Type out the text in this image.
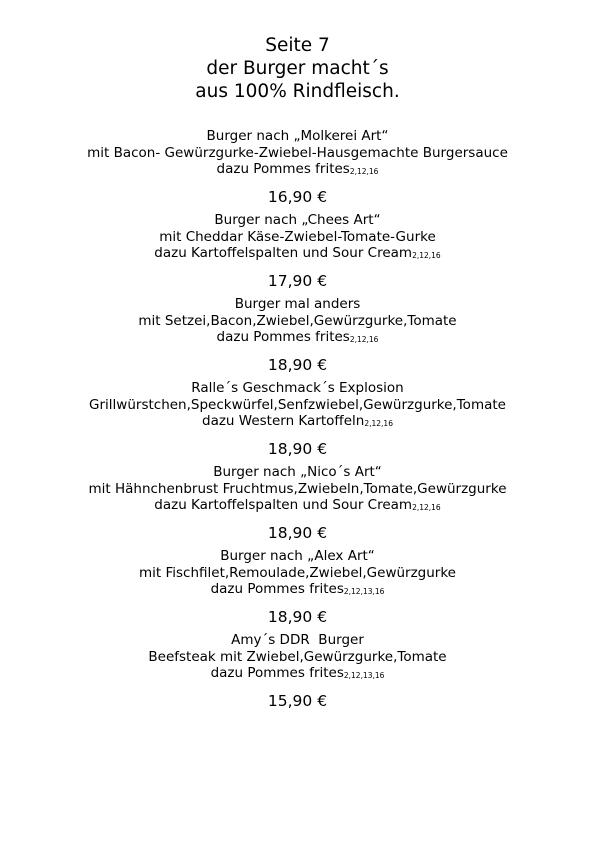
Seite 7
der Burger macht´s
aus 100% Rindfleisch.
Burger nach „Molkerei Art“
mit Bacon- Gewürzgurke-Zwiebel-Hausgemachte Burgersauce
dazu Pommes frites2,12,16
16,90 €
Burger nach „Chees Art“
mit Cheddar Käse-Zwiebel-Tomate-Gurke
dazu Kartoffelspalten und Sour Cream2,12,16
17,90 €
Burger mal anders
mit Setzei,Bacon,Zwiebel,Gewürzgurke,Tomate
dazu Pommes frites2,12,16
18,90 €
Ralle´s Geschmack´s Explosion
Grillwürstchen,Speckwürfel,Senfzwiebel,Gewürzgurke,Tomate
dazu Western Kartoffeln2,12,16
18,90 €
Burger nach „Nico´s Art“
mit Hähnchenbrust Fruchtmus,Zwiebeln,Tomate,Gewürzgurke
dazu Kartoffelspalten und Sour Cream2,12,16
18,90 €
Burger nach „Alex Art“
mit Fischfilet,Remoulade,Zwiebel,Gewürzgurke
dazu Pommes frites2,12,13,16
18,90 €
Amy´s DDR  Burger
Beefsteak mit Zwiebel,Gewürzgurke,Tomate
dazu Pommes frites2,12,13,16
15,90 €
